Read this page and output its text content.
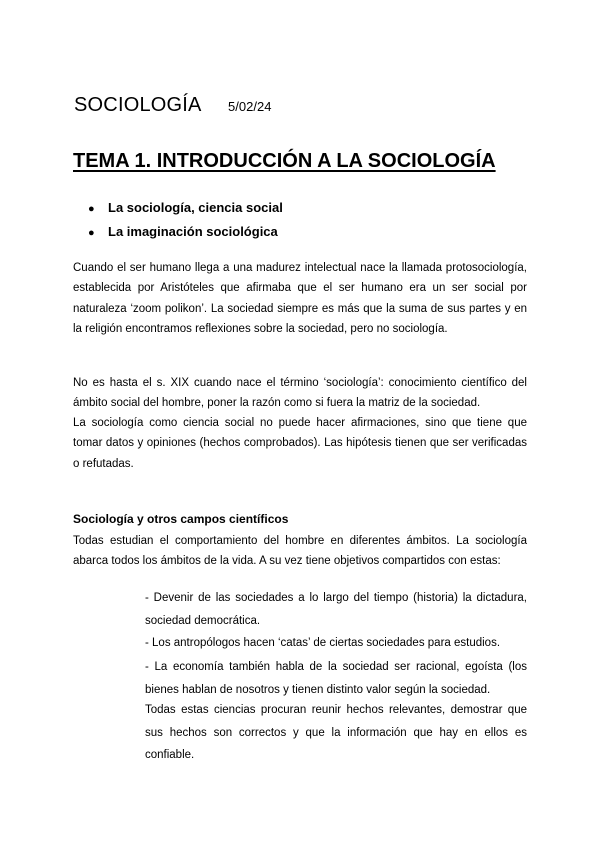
SOCIOLOGÍA 5/02/24
TEMA 1. INTRODUCCIÓN A LA SOCIOLOGÍA
● La sociología, ciencia social
● La imaginación sociológica

Cuando el ser humano llega a una madurez intelectual nace la llamada protosociología, establecida por Aristóteles que afirmaba que el ser humano era un ser social por naturaleza ‘zoom polikon’. La sociedad siempre es más que la suma de sus partes y en la religión encontramos reflexiones sobre la sociedad, pero no sociología.

No es hasta el s. XIX cuando nace el término ‘sociología’: conocimiento científico del ámbito social del hombre, poner la razón como si fuera la matriz de la sociedad.

La sociología como ciencia social no puede hacer afirmaciones, sino que tiene que tomar datos y opiniones (hechos comprobados). Las hipótesis tienen que ser verificadas o refutadas.

Sociología y otros campos científicos

Todas estudian el comportamiento del hombre en diferentes ámbitos. La sociología abarca todos los ámbitos de la vida. A su vez tiene objetivos compartidos con estas:

- Devenir de las sociedades a lo largo del tiempo (historia) la dictadura, sociedad democrática.
- Los antropólogos hacen ‘catas’ de ciertas sociedades para estudios.
- La economía también habla de la sociedad ser racional, egoísta (los bienes hablan de nosotros y tienen distinto valor según la sociedad.

Todas estas ciencias procuran reunir hechos relevantes, demostrar que sus hechos son correctos y que la información que hay en ellos es confiable.
